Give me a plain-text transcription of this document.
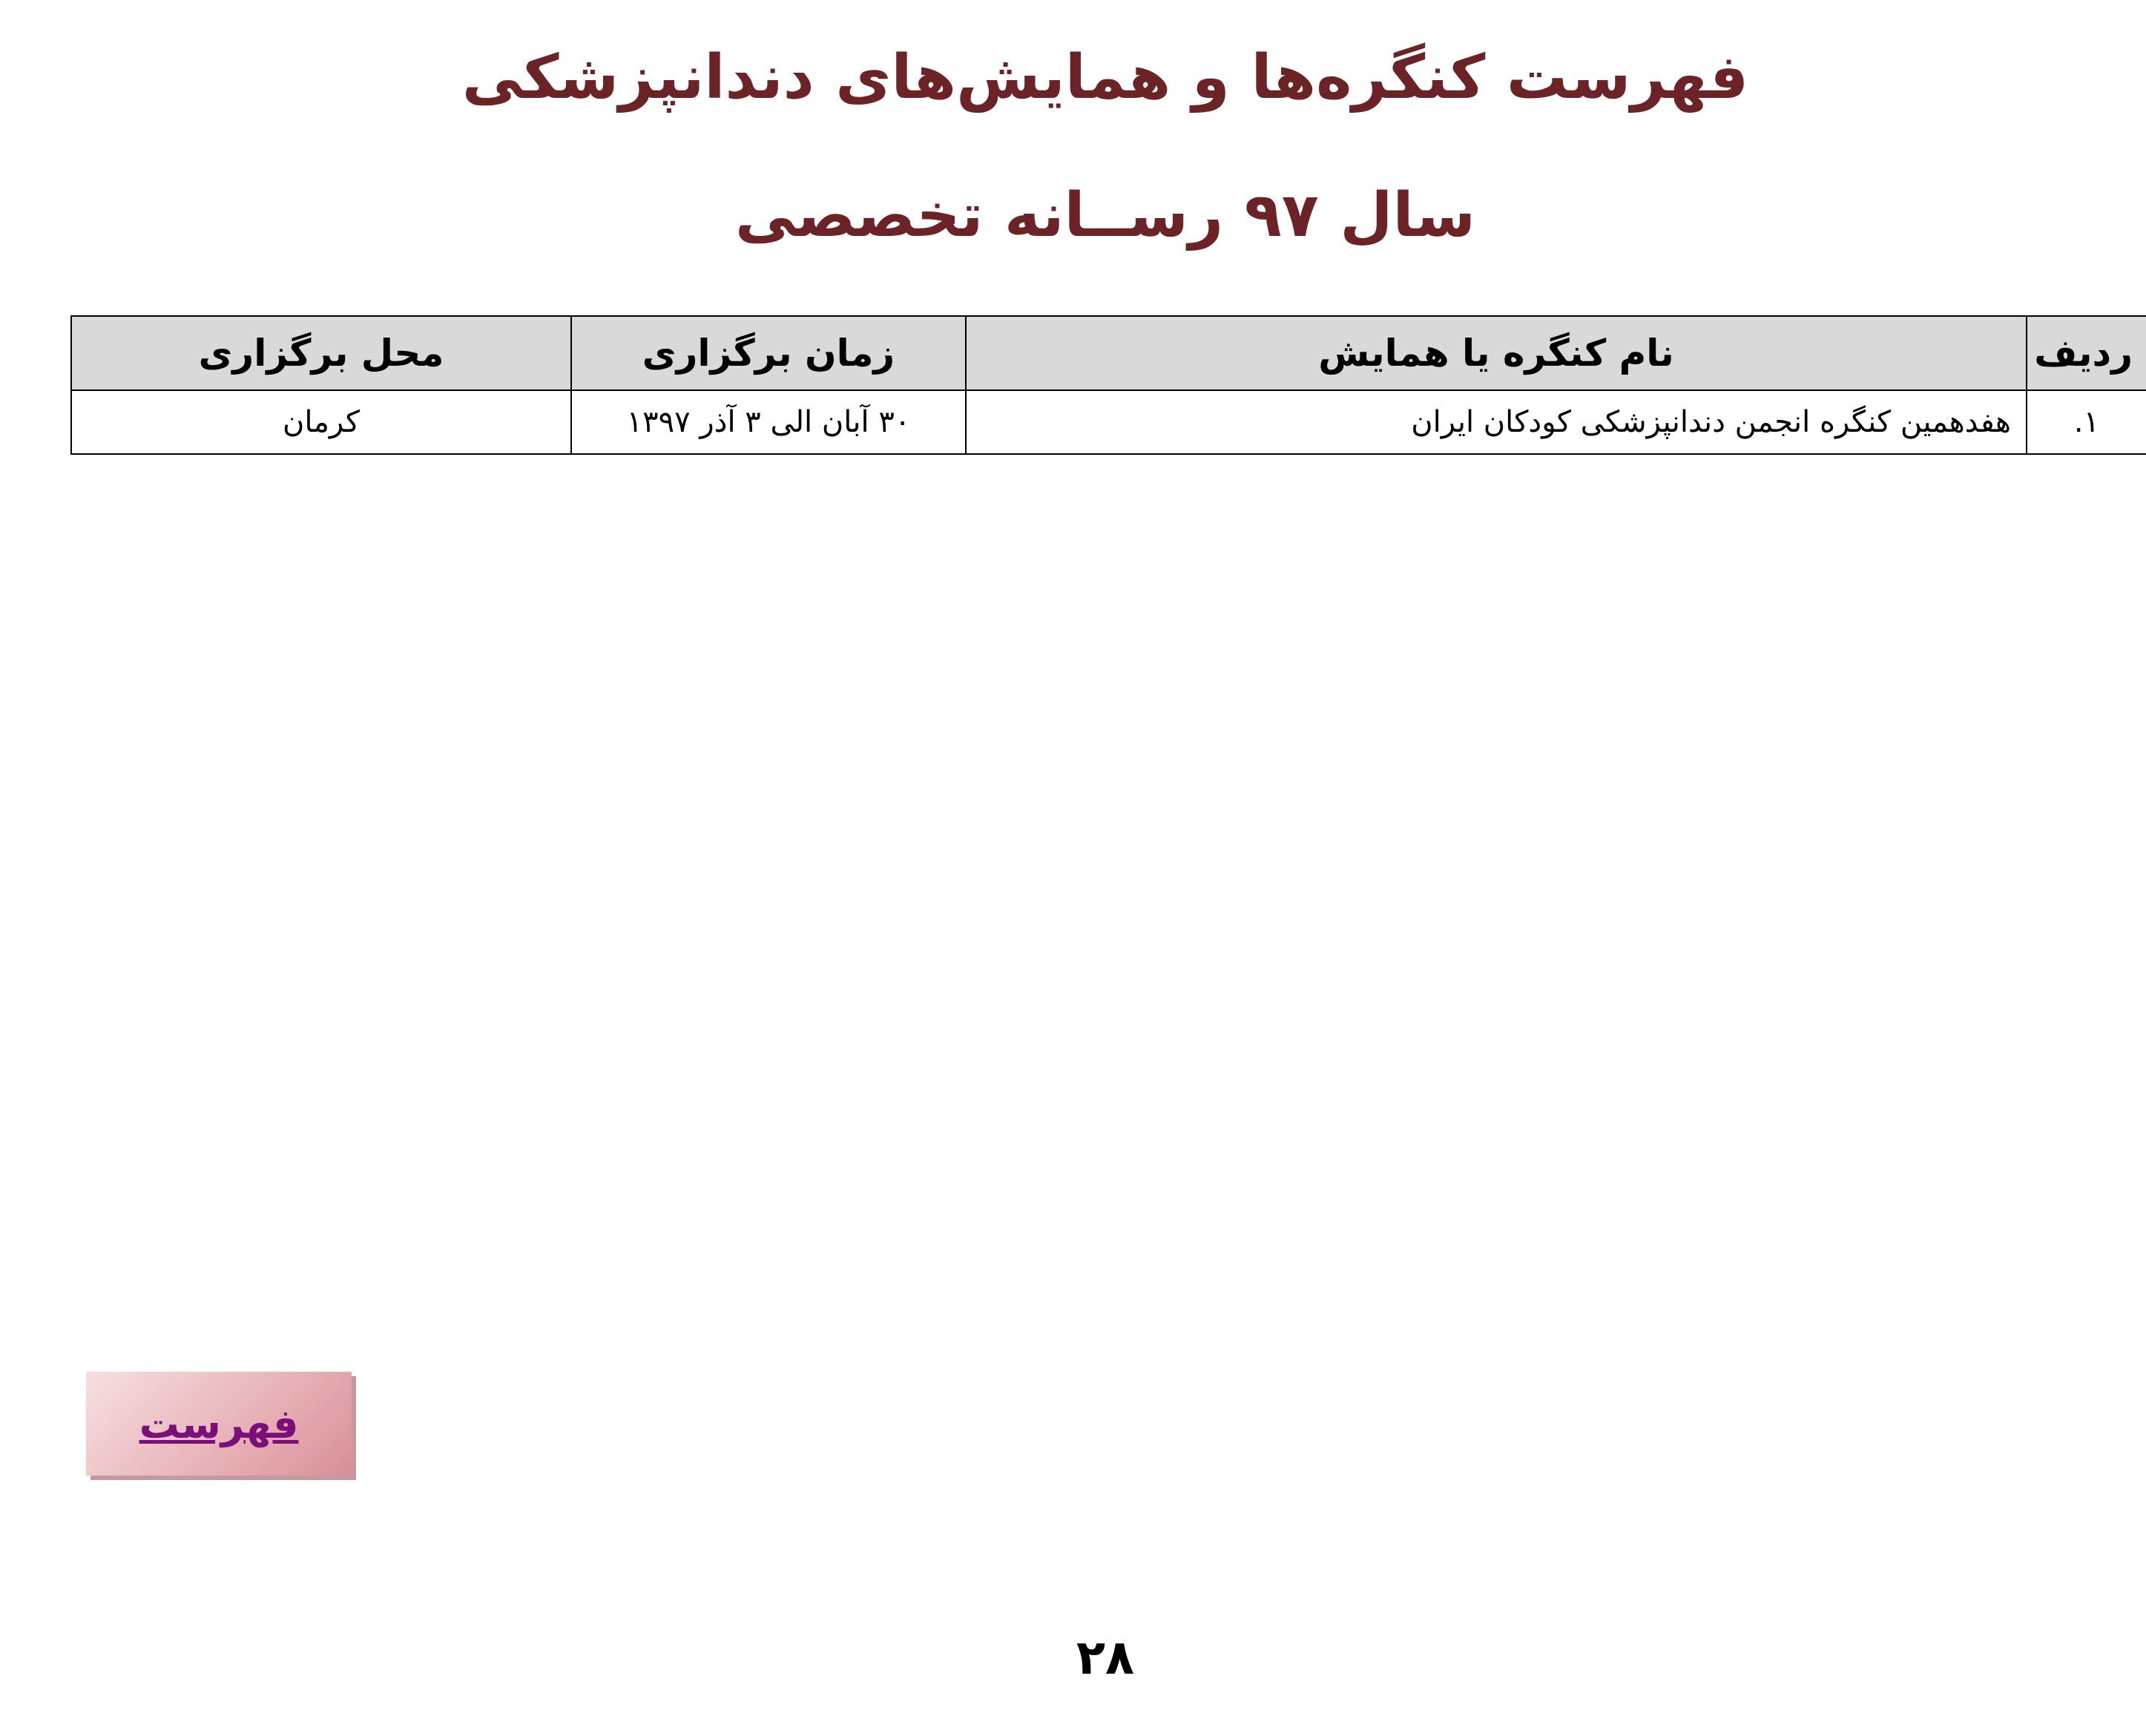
فهرست کنگره‌ها و همایش‌های دندانپزشکی
سال ۹۷ رســانه تخصصی
ردیف	نام کنگره یا همایش	زمان برگزاری	محل برگزاری
۱.	هفدهمین کنگره انجمن دندانپزشکی کودکان ایران	۳۰ آبان الی ۳ آذر ۱۳۹۷	کرمان
فهرست
۲۸
